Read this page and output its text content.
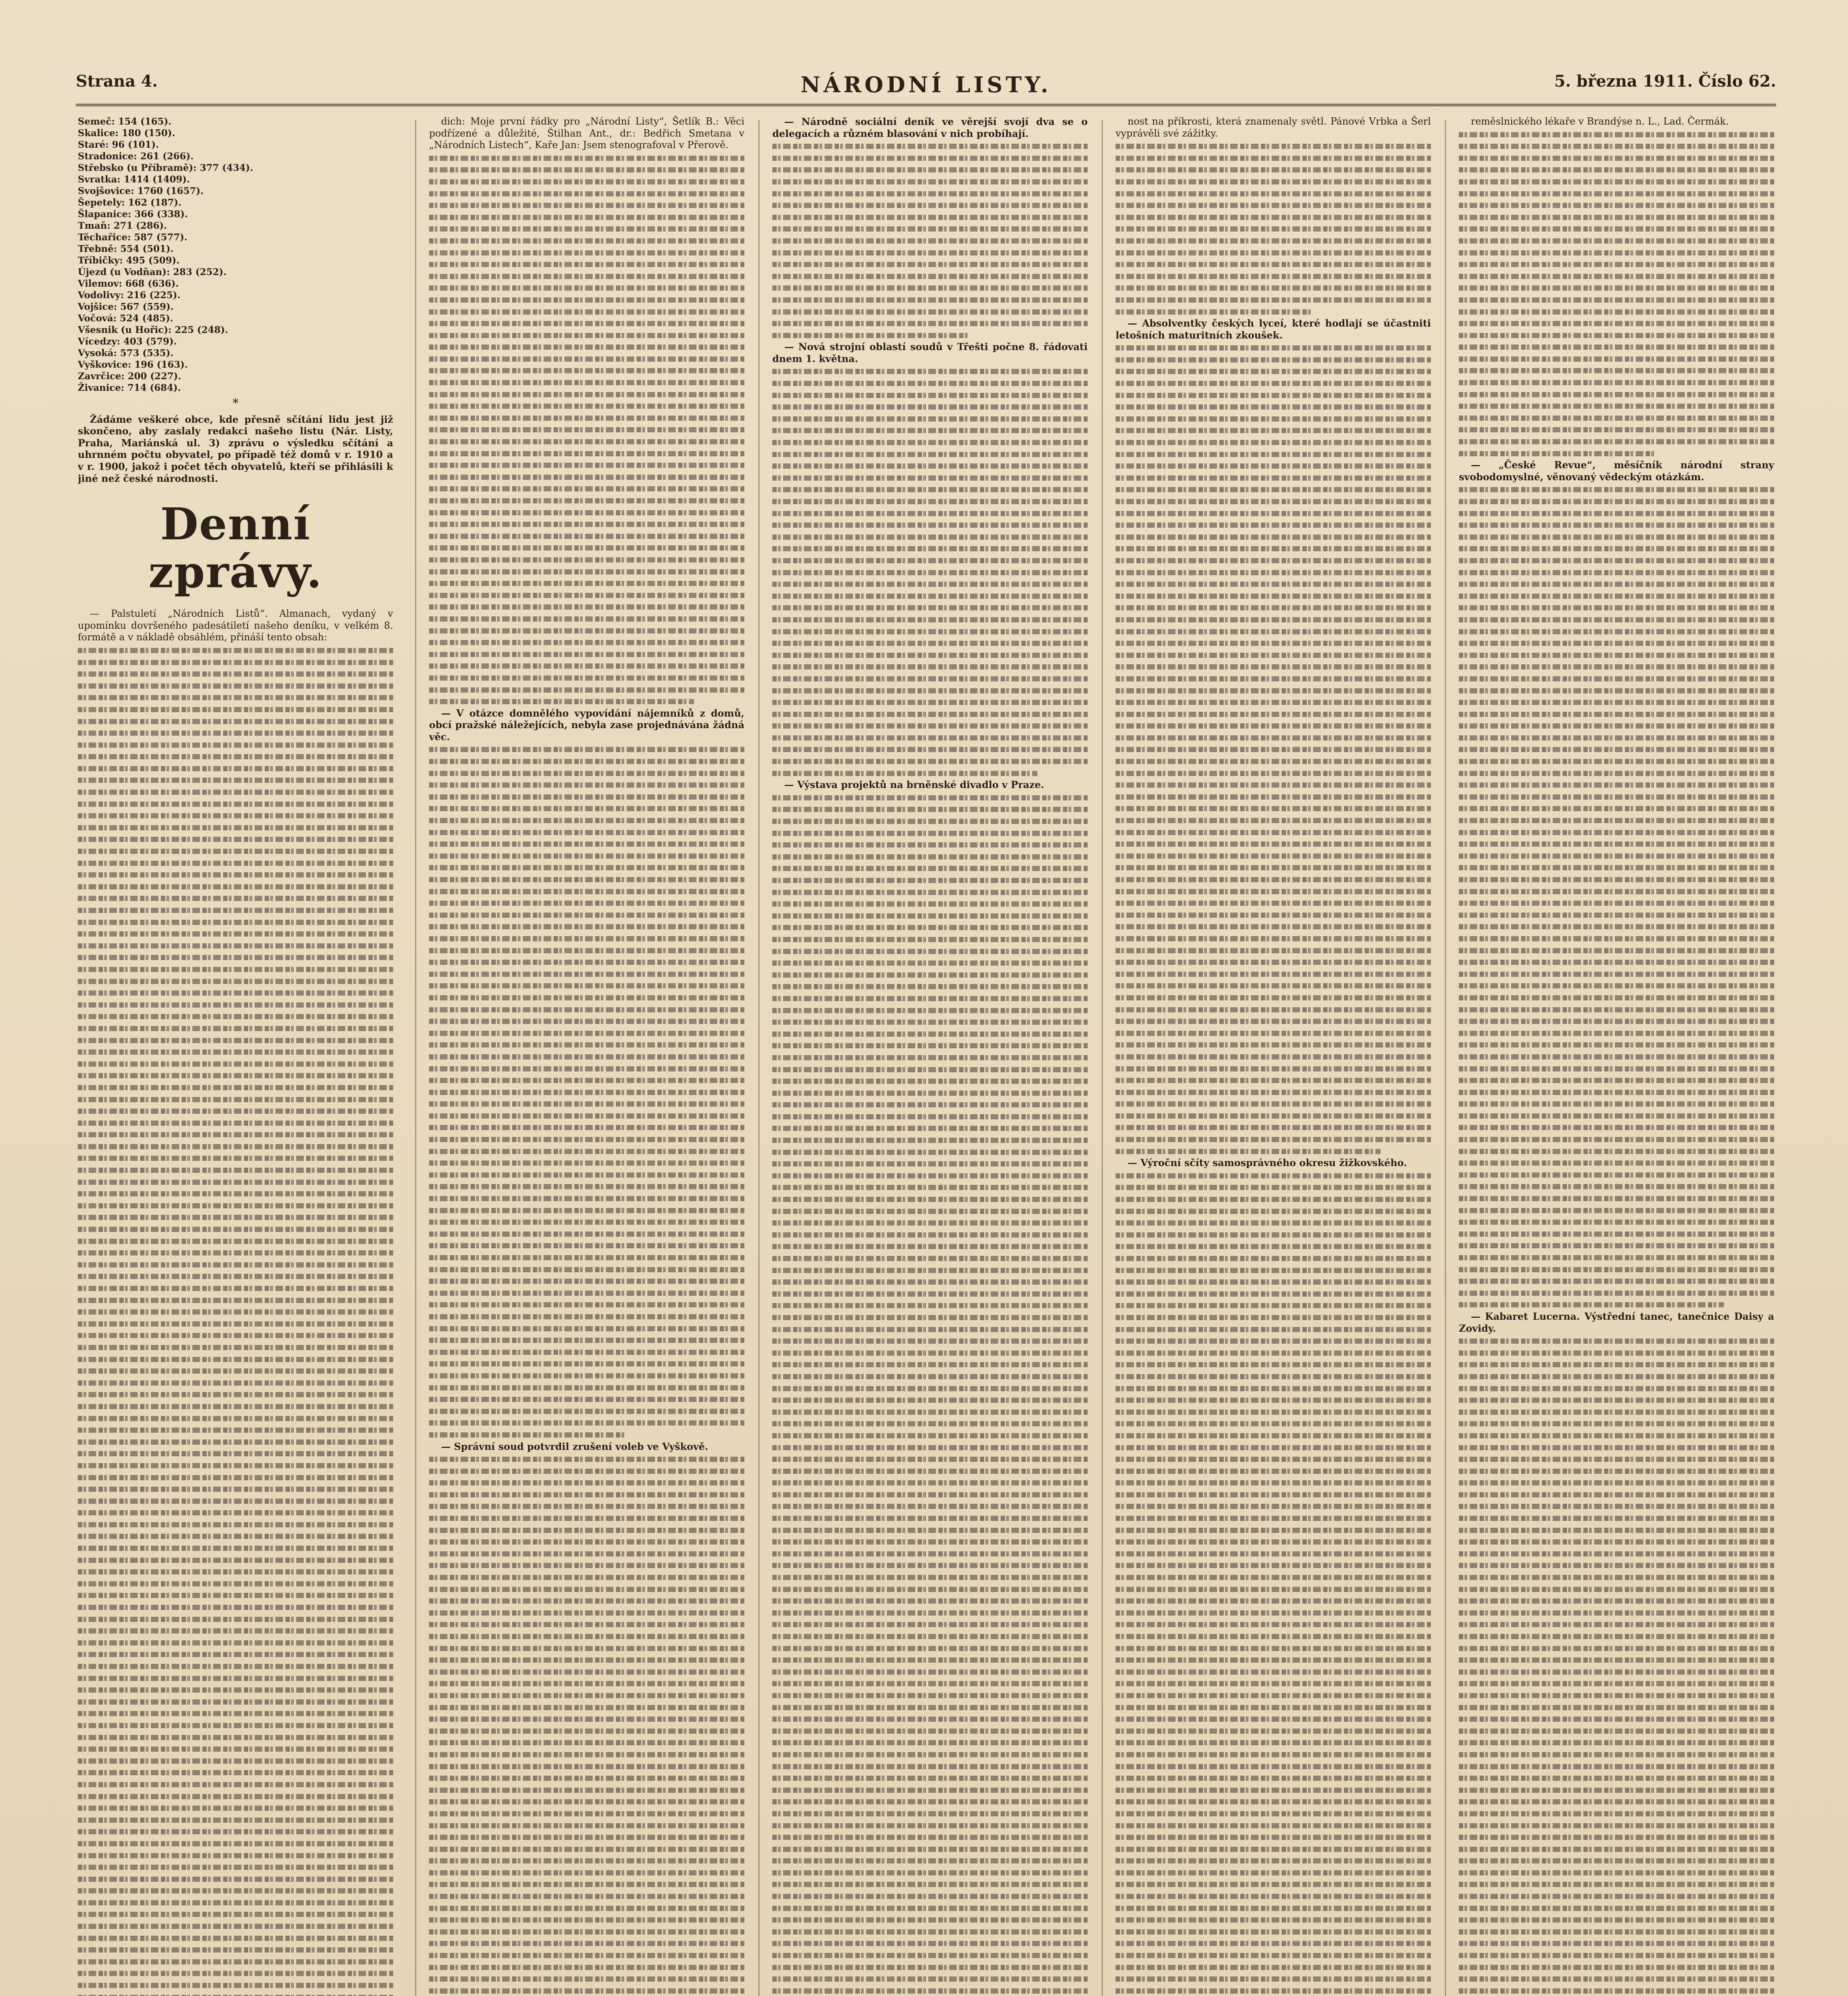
Strana 4.	NÁRODNÍ LISTY.	5. března 1911. Číslo 62.
Semeč: 154 (165).
Skalice: 180 (150).
Staré: 96 (101).
Stradonice: 261 (266).
Střebsko (u Příbramě): 377 (434).
Svratka: 1414 (1409).
Svojšovice: 1760 (1657).
Šepetely: 162 (187).
Šlapanice: 366 (338).
Tmaň: 271 (286).
Těchařice: 587 (577).
Třebně: 554 (501).
Tříbičky: 495 (509).
Újezd (u Vodňan): 283 (252).
Vilemov: 668 (636).
Vodolivy: 216 (225).
Vojšice: 567 (559).
Vočová: 524 (485).
Všesnik (u Hořic): 225 (248).
Vícedzy: 403 (579).
Vysoká: 573 (535).
Vyškovice: 196 (163).
Zavrčice: 200 (227).
Živanice: 714 (684).
*

Žádáme veškeré obce, kde přesně sčítání lidu jest již skončeno, aby zaslaly redakci našeho listu (Nár. Listy, Praha, Mariánská ul. 3) zprávu o výsledku sčítání a uhrnném počtu obyvatel, po případě též domů v r. 1910 a v r. 1900, jakož i počet těch obyvatelů, kteří se přihlásili k jiné než české národnosti.

Denní zprávy.

— Palstuletí „Národních Listů“. Almanach, vydaný v upomínku dovršeného padesátiletí našeho deníku, v velkém 8. formátě a v nákladě obsáhlém, přináší tento obsah:

dich: Moje první řádky pro „Národní Listy“, Šetlík B.: Věci podřízené a důležité, Štilhan Ant., dr.: Bedřich Smetana v „Národních Listech“, Kaře Jan: Jsem stenografoval v Přerově.

— V otázce domnělého vypovídání nájemníků z domů, obcí pražské náležejících, nebyla zase projednávána žádná věc.

— Správní soud potvrdil zrušení voleb ve Vyškově.

— Národně sociální deník ve věrejší svojí dva se o delegacích a různém blasování v nich probíhají.

— Nová strojní oblastí soudů v Třešti počne 8. řádovati dnem 1. května.

— Výstava projektů na brněnské divadlo v Praze.

nost na příkrosti, která znamenaly světl. Pánové Vrbka a Šerl vyprávěli své zážitky.

— Absolventky českých lyceí, které hodlají se účastniti letošních maturitních zkoušek.

— Výroční sčíty samosprávného okresu žižkovského.

reměslnického lékaře v Brandýse n. L., Lad. Čermák.

— „České Revue“, měsíčník národní strany svobodomyslné, věnovaný vědeckým otázkám.

— Kabaret Lucerna. Výstřední tanec, tanečnice Daisy a Zovidy.
